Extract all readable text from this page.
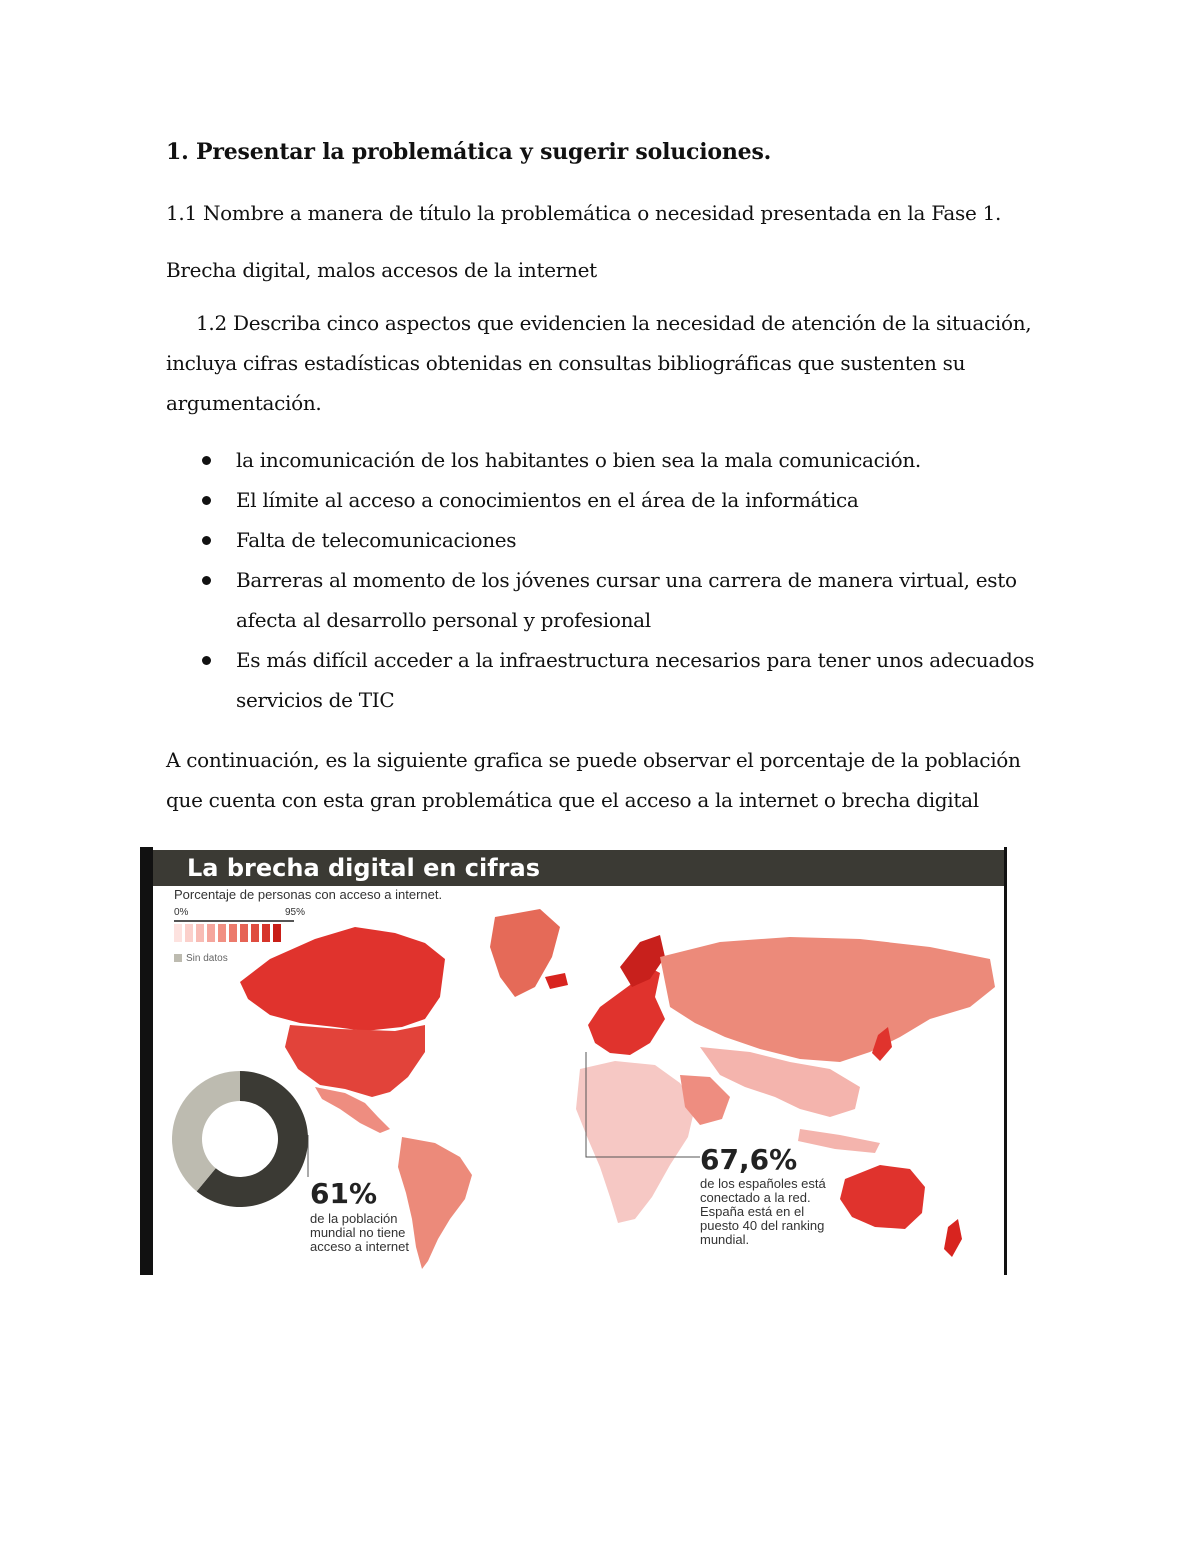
1. Presentar la problemática y sugerir soluciones.
1.1 Nombre a manera de título la problemática o necesidad presentada en la Fase 1.
Brecha digital, malos accesos de la internet
1.2 Describa cinco aspectos que evidencien la necesidad de atención de la situación, incluya cifras estadísticas obtenidas en consultas bibliográficas que sustenten su argumentación.
la incomunicación de los habitantes o bien sea la mala comunicación.
El límite al acceso a conocimientos en el área de la informática
Falta de telecomunicaciones
Barreras al momento de los jóvenes cursar una carrera de manera virtual, esto afecta al desarrollo personal y profesional
Es más difícil acceder a la infraestructura necesarios para tener unos adecuados servicios de TIC
A continuación, es la siguiente grafica se puede observar el porcentaje de la población que cuenta con esta gran problemática que el acceso a la internet o brecha digital
La brecha digital en cifras
Porcentaje de personas con acceso a internet.
0%	95%
Sin datos
61%
de la población mundial no tiene acceso a internet
67,6%
de los españoles está conectado a la red. España está en el puesto 40 del ranking mundial.
